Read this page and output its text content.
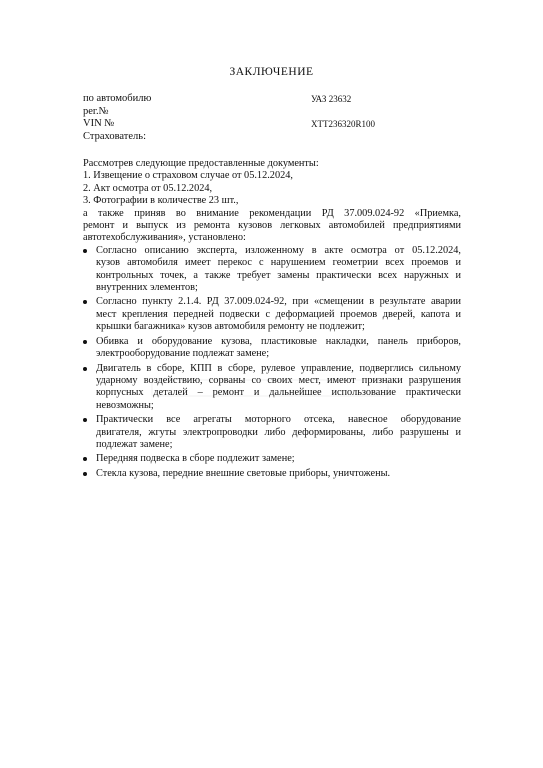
ЗАКЛЮЧЕНИЕ
по автомобилю	УАЗ 23632
рег.№
VIN №	XTT236320R100
Страхователь:
Рассмотрев следующие предоставленные документы:
1. Извещение о страховом случае от 05.12.2024,
2. Акт осмотра от 05.12.2024,
3. Фотографии в количестве 23 шт.,
а также приняв во внимание рекомендации РД 37.009.024-92 «Приемка,
ремонт и выпуск из ремонта кузовов легковых автомобилей предприятиями
автотехобслуживания», установлено:
Согласно описанию эксперта, изложенному в акте осмотра от 05.12.2024,
кузов автомобиля имеет перекос с нарушением геометрии всех проемов и
контрольных точек, а также требует замены практически всех наружных и
внутренних элементов;
Согласно пункту 2.1.4. РД 37.009.024-92, при «смещении в результате аварии
мест крепления передней подвески с деформацией проемов дверей, капота и
крышки багажника» кузов автомобиля ремонту не подлежит;
Обивка и оборудование кузова, пластиковые накладки, панель приборов,
электрооборудование подлежат замене;
Двигатель в сборе, КПП в сборе, рулевое управление, подверглись сильному
ударному воздействию, сорваны со своих мест, имеют признаки разрушения
корпусных деталей – ремонт и дальнейшее использование практически
невозможны;
Практически все агрегаты моторного отсека, навесное оборудование
двигателя, жгуты электропроводки либо деформированы, либо разрушены и
подлежат замене;
Передняя подвеска в сборе подлежит замене;
Стекла кузова, передние внешние световые приборы, уничтожены.
